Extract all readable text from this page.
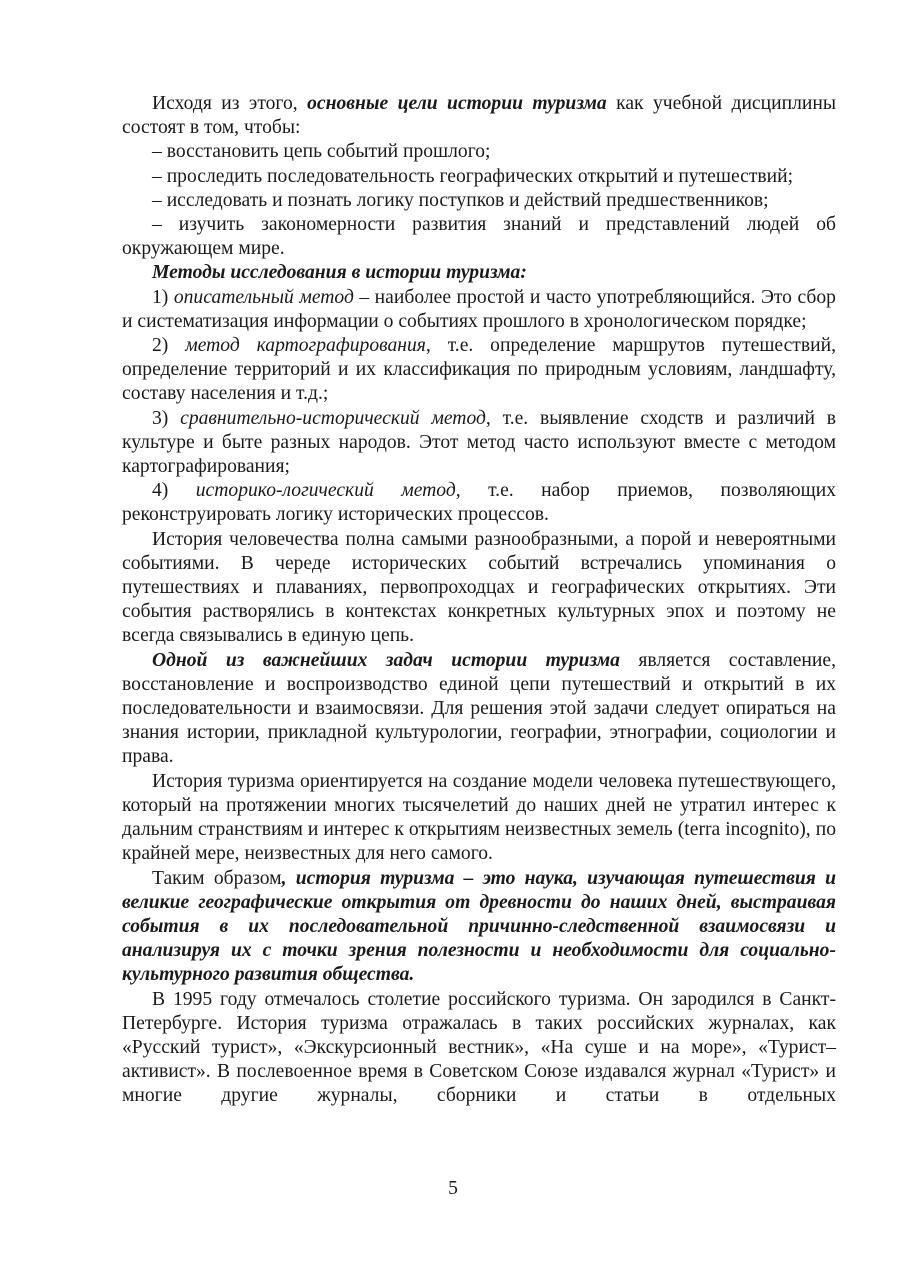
Исходя из этого, основные цели истории туризма как учебной дисциплины состоят в том, чтобы:

– восстановить цепь событий прошлого;

– проследить последовательность географических открытий и путешествий;

– исследовать и познать логику поступков и действий предшественников;

– изучить закономерности развития знаний и представлений людей об окружающем мире.

Методы исследования в истории туризма:

1) описательный метод – наиболее простой и часто употребляющийся. Это сбор и систематизация информации о событиях прошлого в хронологическом порядке;

2) метод картографирования, т.е. определение маршрутов путешествий, определение территорий и их классификация по природным условиям, ландшафту, составу населения и т.д.;

3) сравнительно-исторический метод, т.е. выявление сходств и различий в культуре и быте разных народов. Этот метод часто используют вместе с методом картографирования;

4) историко-логический метод, т.е. набор приемов, позволяющих реконструировать логику исторических процессов.

История человечества полна самыми разнообразными, а порой и невероятными событиями. В череде исторических событий встречались упоминания о путешествиях и плаваниях, первопроходцах и географических открытиях. Эти события растворялись в контекстах конкретных культурных эпох и поэтому не всегда связывались в единую цепь.

Одной из важнейших задач истории туризма является составление, восстановление и воспроизводство единой цепи путешествий и открытий в их последовательности и взаимосвязи. Для решения этой задачи следует опираться на знания истории, прикладной культурологии, географии, этнографии, социологии и права.

История туризма ориентируется на создание модели человека путешествующего, который на протяжении многих тысячелетий до наших дней не утратил интерес к дальним странствиям и интерес к открытиям неизвестных земель (terra incognito), по крайней мере, неизвестных для него самого.

Таким образом, история туризма – это наука, изучающая путешествия и великие географические открытия от древности до наших дней, выстраивая события в их последовательной причинно-следственной взаимосвязи и анализируя их с точки зрения полезности и необходимости для социально-культурного развития общества.

В 1995 году отмечалось столетие российского туризма. Он зародился в Санкт-Петербурге. История туризма отражалась в таких российских журналах, как «Русский турист», «Экскурсионный вестник», «На суше и на море», «Турист–активист». В послевоенное время в Советском Союзе издавался журнал «Турист» и многие другие журналы, сборники и статьи в отдельных

5
